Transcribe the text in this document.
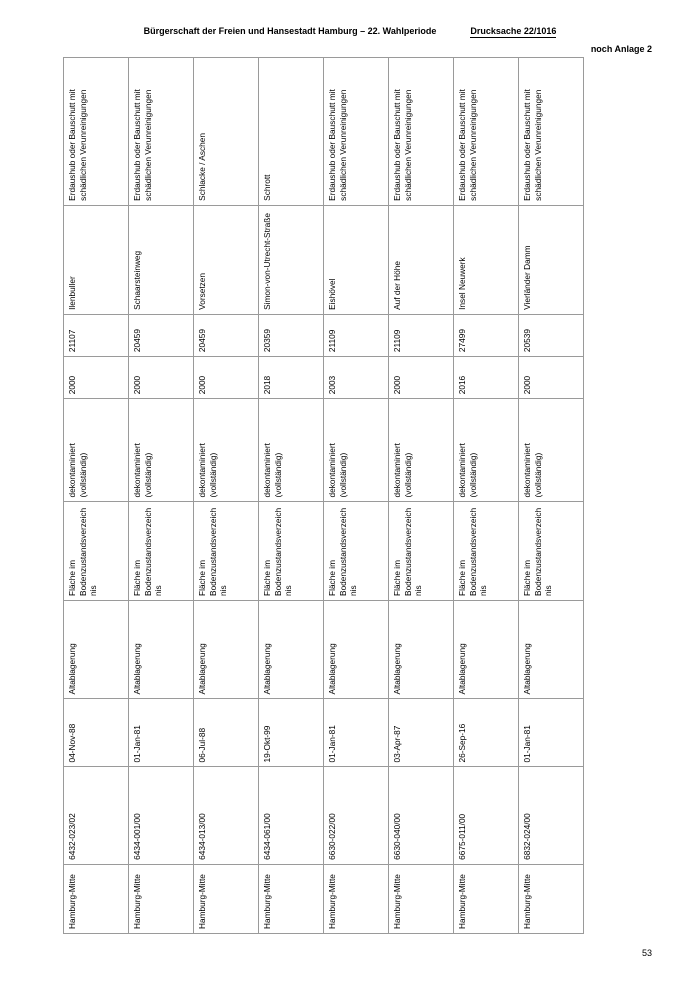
Bürgerschaft der Freien und Hansestadt Hamburg – 22. Wahlperiode	Drucksache 22/1016
noch Anlage 2
Hamburg-Mitte	6432-023/02	04-Nov-88	Altablagerung	Fläche im Bodenzustandsverzeichnis	dekontaminiert (vollständig)	2000	21107	Ilenbuller	Erdaushub oder Bauschutt mit schädlichen Verunreinigungen
Hamburg-Mitte	6434-001/00	01-Jan-81	Altablagerung	Fläche im Bodenzustandsverzeichnis	dekontaminiert (vollständig)	2000	20459	Schaarsteinweg	Erdaushub oder Bauschutt mit schädlichen Verunreinigungen
Hamburg-Mitte	6434-013/00	06-Jul-88	Altablagerung	Fläche im Bodenzustandsverzeichnis	dekontaminiert (vollständig)	2000	20459	Vorsetzen	Schlacke / Aschen
Hamburg-Mitte	6434-061/00	19-Okt-99	Altablagerung	Fläche im Bodenzustandsverzeichnis	dekontaminiert (vollständig)	2018	20359	Simon-von-Utrecht-Straße	Schrott
Hamburg-Mitte	6630-022/00	01-Jan-81	Altablagerung	Fläche im Bodenzustandsverzeichnis	dekontaminiert (vollständig)	2003	21109	Eishövel	Erdaushub oder Bauschutt mit schädlichen Verunreinigungen
Hamburg-Mitte	6630-040/00	03-Apr-87	Altablagerung	Fläche im Bodenzustandsverzeichnis	dekontaminiert (vollständig)	2000	21109	Auf der Höhe	Erdaushub oder Bauschutt mit schädlichen Verunreinigungen
Hamburg-Mitte	6675-011/00	26-Sep-16	Altablagerung	Fläche im Bodenzustandsverzeichnis	dekontaminiert (vollständig)	2016	27499	Insel Neuwerk	Erdaushub oder Bauschutt mit schädlichen Verunreinigungen
Hamburg-Mitte	6832-024/00	01-Jan-81	Altablagerung	Fläche im Bodenzustandsverzeichnis	dekontaminiert (vollständig)	2000	20539	Vierländer Damm	Erdaushub oder Bauschutt mit schädlichen Verunreinigungen
53
